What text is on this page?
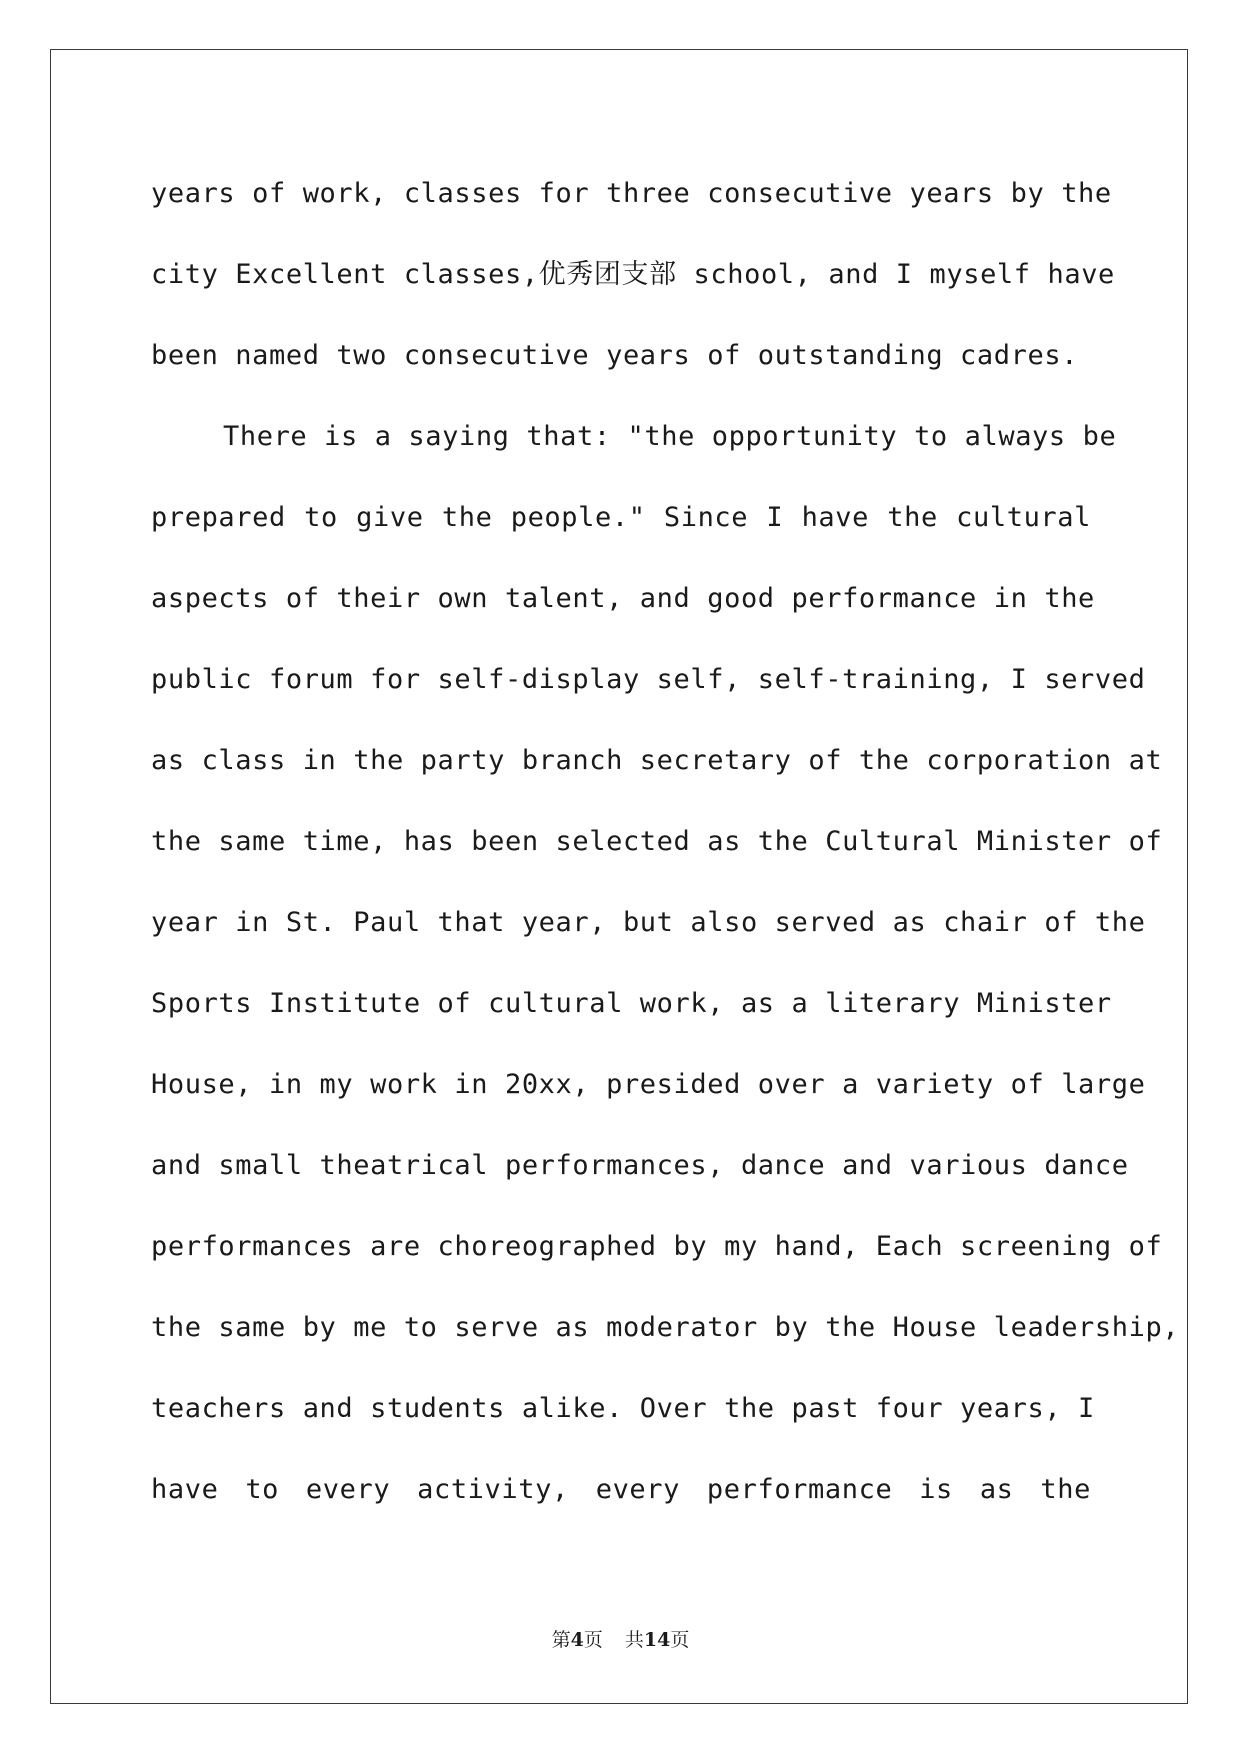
years of work, classes for three consecutive years by the
city Excellent classes,优秀团支部 school, and I myself have
been named two consecutive years of outstanding cadres.
There is a saying that: "the opportunity to always be
prepared to give the people." Since I have the cultural
aspects of their own talent, and good performance in the
public forum for self-display self, self-training, I served
as class in the party branch secretary of the corporation at
the same time, has been selected as the Cultural Minister of
year in St. Paul that year, but also served as chair of the
Sports Institute of cultural work, as a literary Minister
House, in my work in 20xx, presided over a variety of large
and small theatrical performances, dance and various dance
performances are choreographed by my hand, Each screening of
the same by me to serve as moderator by the House leadership,
teachers and students alike. Over the past four years, I
have to every activity, every performance is as the
第4页 共14页
